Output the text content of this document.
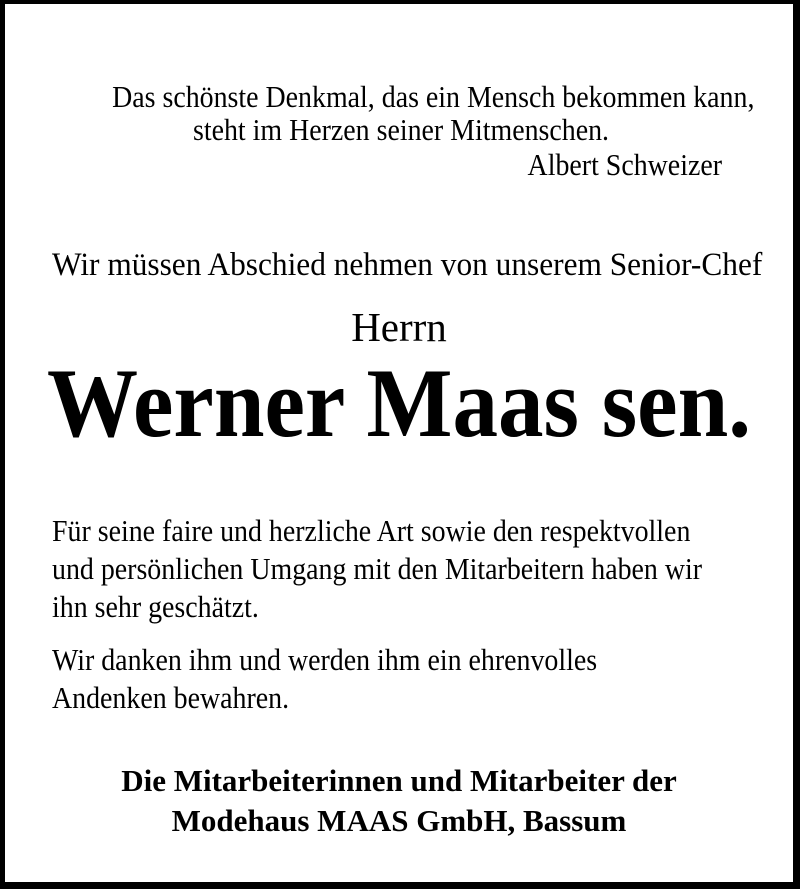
Das schönste Denkmal, das ein Mensch bekommen kann,
steht im Herzen seiner Mitmenschen.
Albert Schweizer
Wir müssen Abschied nehmen von unserem Senior-Chef
Herrn
Werner Maas sen.
Für seine faire und herzliche Art sowie den respektvollen
und persönlichen Umgang mit den Mitarbeitern haben wir
ihn sehr geschätzt.
Wir danken ihm und werden ihm ein ehrenvolles
Andenken bewahren.
Die Mitarbeiterinnen und Mitarbeiter der
Modehaus MAAS GmbH, Bassum
